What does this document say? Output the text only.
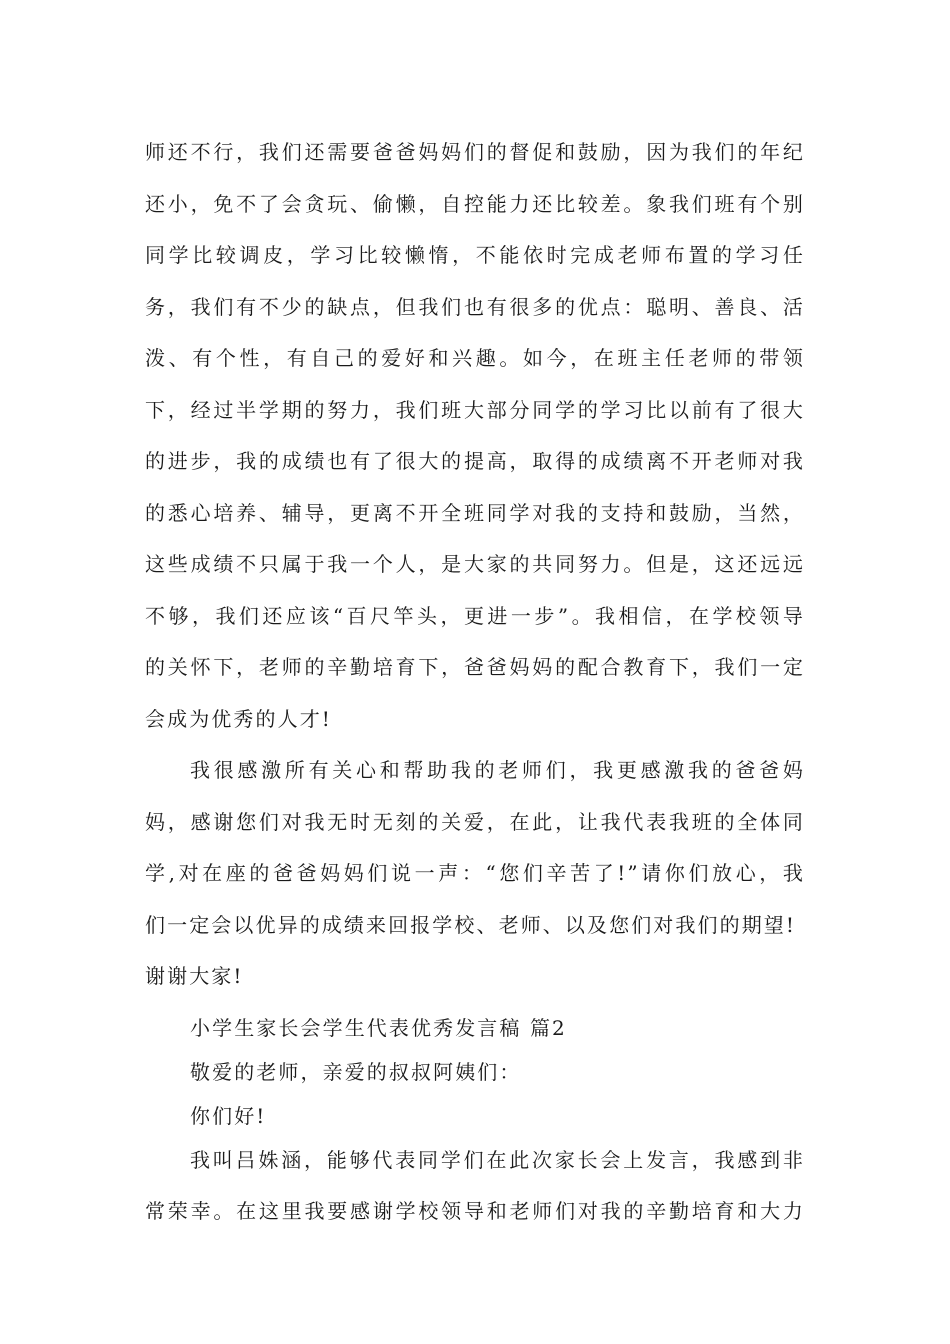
师还不行，我们还需要爸爸妈妈们的督促和鼓励，因为我们的年纪
还小，免不了会贪玩、偷懒，自控能力还比较差。象我们班有个别
同学比较调皮，学习比较懒惰，不能依时完成老师布置的学习任
务，我们有不少的缺点，但我们也有很多的优点：聪明、善良、活
泼、有个性，有自己的爱好和兴趣。如今，在班主任老师的带领
下，经过半学期的努力，我们班大部分同学的学习比以前有了很大
的进步，我的成绩也有了很大的提高，取得的成绩离不开老师对我
的悉心培养、辅导，更离不开全班同学对我的支持和鼓励，当然，
这些成绩不只属于我一个人，是大家的共同努力。但是，这还远远
不够，我们还应该“百尺竿头，更进一步”。我相信，在学校领导
的关怀下，老师的辛勤培育下，爸爸妈妈的配合教育下，我们一定
会成为优秀的人才!
我很感激所有关心和帮助我的老师们，我更感激我的爸爸妈
妈，感谢您们对我无时无刻的关爱，在此，让我代表我班的全体同
学,对在座的爸爸妈妈们说一声：“您们辛苦了!”请你们放心，我
们一定会以优异的成绩来回报学校、老师、以及您们对我们的期望!
谢谢大家!
小学生家长会学生代表优秀发言稿 篇2
敬爱的老师，亲爱的叔叔阿姨们：
你们好!
我叫吕姝涵，能够代表同学们在此次家长会上发言，我感到非
常荣幸。在这里我要感谢学校领导和老师们对我的辛勤培育和大力
